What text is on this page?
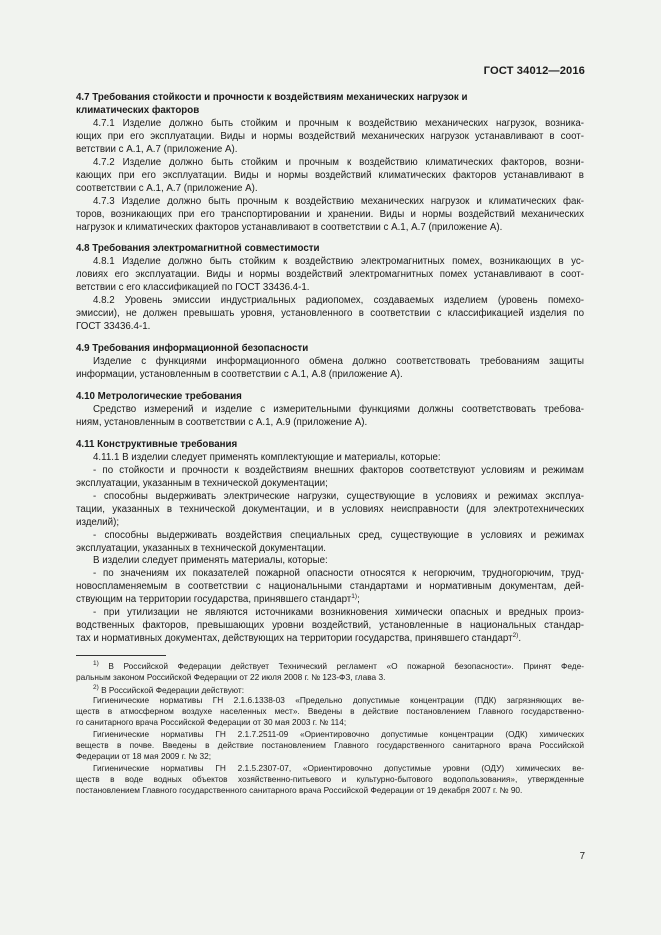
ГОСТ 34012—2016
4.7 Требования стойкости и прочности к воздействиям механических нагрузок и
климатических факторов
4.7.1 Изделие должно быть стойким и прочным к воздействию механических нагрузок, возника-
ющих при его эксплуатации. Виды и нормы воздействий механических нагрузок устанавливают в соот-
ветствии с А.1, А.7 (приложение А).
4.7.2 Изделие должно быть стойким и прочным к воздействию климатических факторов, возни-
кающих при его эксплуатации. Виды и нормы воздействий климатических факторов устанавливают в
соответствии с А.1, А.7 (приложение А).
4.7.3 Изделие должно быть прочным к воздействию механических нагрузок и климатических фак-
торов, возникающих при его транспортировании и хранении. Виды и нормы воздействий механических
нагрузок и климатических факторов устанавливают в соответствии с А.1, А.7 (приложение А).
4.8 Требования электромагнитной совместимости
4.8.1 Изделие должно быть стойким к воздействию электромагнитных помех, возникающих в ус-
ловиях его эксплуатации. Виды и нормы воздействий электромагнитных помех устанавливают в соот-
ветствии с его классификацией по ГОСТ 33436.4-1.
4.8.2 Уровень эмиссии индустриальных радиопомех, создаваемых изделием (уровень помехо-
эмиссии), не должен превышать уровня, установленного в соответствии с классификацией изделия по
ГОСТ 33436.4-1.
4.9 Требования информационной безопасности
Изделие с функциями информационного обмена должно соответствовать требованиям защиты
информации, установленным в соответствии с А.1, А.8 (приложение А).
4.10 Метрологические требования
Средство измерений и изделие с измерительными функциями должны соответствовать требова-
ниям, установленным в соответствии с А.1, А.9 (приложение А).
4.11 Конструктивные требования
4.11.1 В изделии следует применять комплектующие и материалы, которые:
- по стойкости и прочности к воздействиям внешних факторов соответствуют условиям и режимам
эксплуатации, указанным в технической документации;
- способны выдерживать электрические нагрузки, существующие в условиях и режимах эксплуа-
тации, указанных в технической документации, и в условиях неисправности (для электротехнических
изделий);
- способны выдерживать воздействия специальных сред, существующие в условиях и режимах
эксплуатации, указанных в технической документации.
В изделии следует применять материалы, которые:
- по значениям их показателей пожарной опасности относятся к негорючим, трудногорючим, труд-
новоспламеняемым в соответствии с национальными стандартами и нормативным документам, дей-
ствующим на территории государства, принявшего стандарт$^{1)}$;
- при утилизации не являются источниками возникновения химически опасных и вредных произ-
водственных факторов, превышающих уровни воздействий, установленные в национальных стандар-
тах и нормативных документах, действующих на территории государства, принявшего стандарт$^{2)}$.
$^{1)}$ В Российской Федерации действует Технический регламент «О пожарной безопасности». Принят Феде-
ральным законом Российской Федерации от 22 июля 2008 г. № 123-ФЗ, глава 3.
$^{2)}$ В Российской Федерации действуют:
Гигиенические нормативы ГН 2.1.6.1338-03 «Предельно допустимые концентрации (ПДК) загрязняющих ве-
ществ в атмосферном воздухе населенных мест». Введены в действие постановлением Главного государственно-
го санитарного врача Российской Федерации от 30 мая 2003 г. № 114;
Гигиенические нормативы ГН 2.1.7.2511-09 «Ориентировочно допустимые концентрации (ОДК) химических
веществ в почве. Введены в действие постановлением Главного государственного санитарного врача Российской
Федерации от 18 мая 2009 г. № 32;
Гигиенические нормативы ГН 2.1.5.2307-07, «Ориентировочно допустимые уровни (ОДУ) химических ве-
ществ в воде водных объектов хозяйственно-питьевого и культурно-бытового водопользования», утвержденные
постановлением Главного государственного санитарного врача Российской Федерации от 19 декабря 2007 г. № 90.
7
